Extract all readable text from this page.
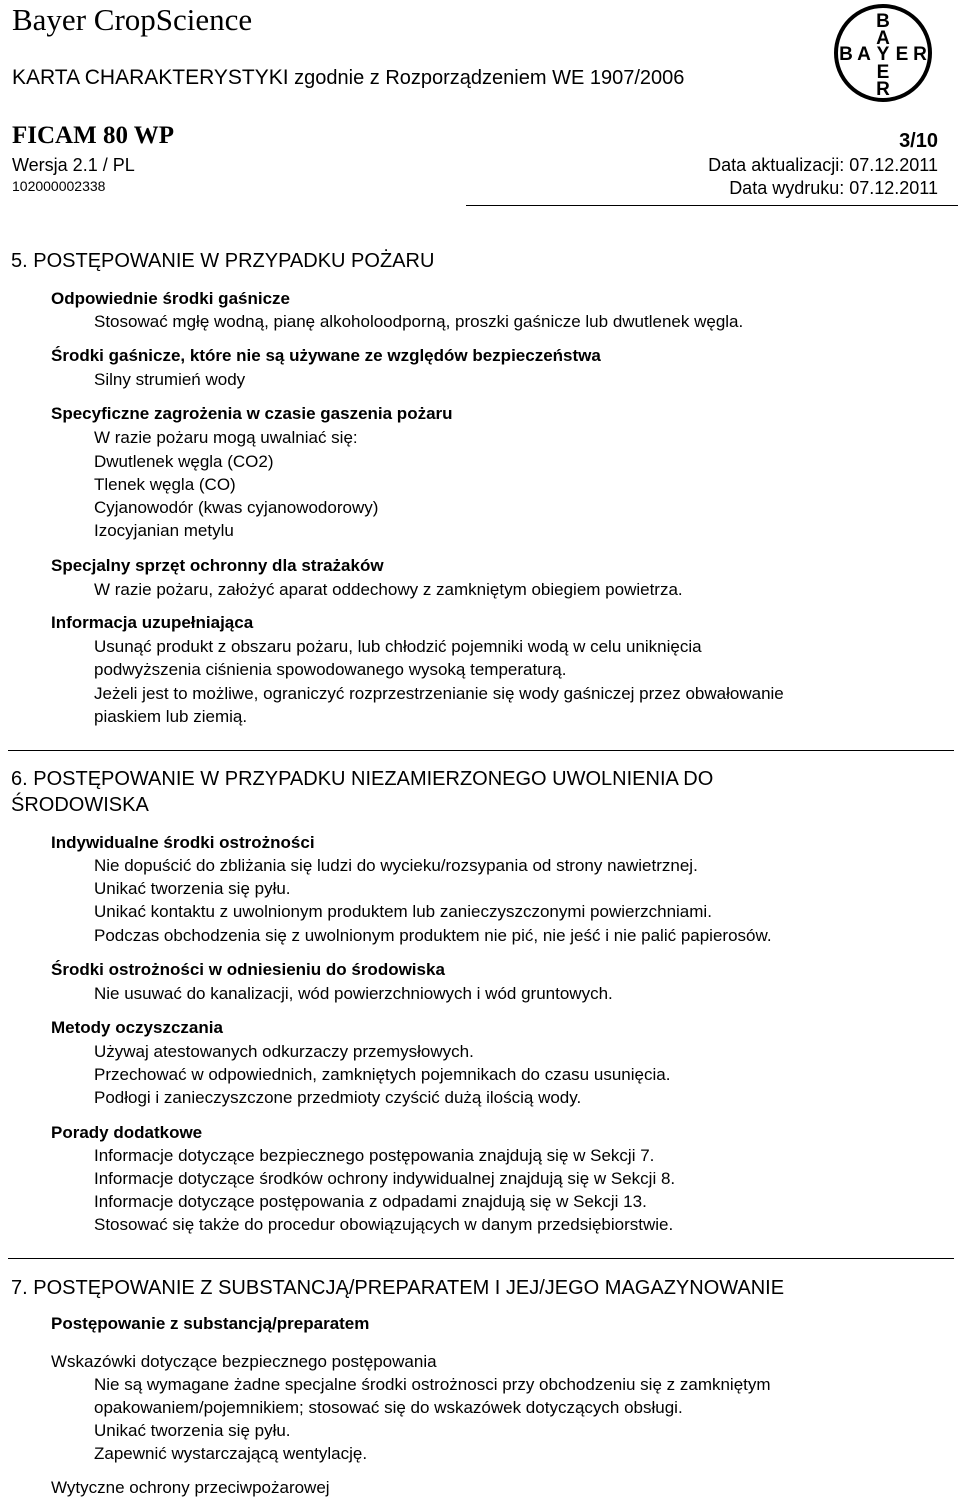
Bayer CropScience
KARTA CHARAKTERYSTYKI zgodnie z Rozporządzeniem WE 1907/2006
FICAM 80 WP	3/10
Wersja 2.1 / PL
102000002338
Data aktualizacji: 07.12.2011
Data wydruku: 07.12.2011
B
A
B A Y E R
E
R
5. POSTĘPOWANIE W PRZYPADKU POŻARU
Odpowiednie środki gaśnicze
Stosować mgłę wodną, pianę alkoholoodporną, proszki gaśnicze lub dwutlenek węgla.
Środki gaśnicze, które nie są używane ze względów bezpieczeństwa
Silny strumień wody
Specyficzne zagrożenia w czasie gaszenia pożaru
W razie pożaru mogą uwalniać się:
Dwutlenek węgla (CO2)
Tlenek węgla (CO)
Cyjanowodór (kwas cyjanowodorowy)
Izocyjanian metylu
Specjalny sprzęt ochronny dla strażaków
W razie pożaru, założyć aparat oddechowy z zamkniętym obiegiem powietrza.
Informacja uzupełniająca
Usunąć produkt z obszaru pożaru, lub chłodzić pojemniki wodą w celu uniknięcia
podwyższenia ciśnienia spowodowanego wysoką temperaturą.
Jeżeli jest to możliwe, ograniczyć rozprzestrzenianie się wody gaśniczej przez obwałowanie
piaskiem lub ziemią.
6. POSTĘPOWANIE W PRZYPADKU NIEZAMIERZONEGO UWOLNIENIA DO
ŚRODOWISKA
Indywidualne środki ostrożności
Nie dopuścić do zbliżania się ludzi do wycieku/rozsypania od strony nawietrznej.
Unikać tworzenia się pyłu.
Unikać kontaktu z uwolnionym produktem lub zanieczyszczonymi powierzchniami.
Podczas obchodzenia się z uwolnionym produktem nie pić, nie jeść i nie palić papierosów.
Środki ostrożności w odniesieniu do środowiska
Nie usuwać do kanalizacji, wód powierzchniowych i wód gruntowych.
Metody oczyszczania
Używaj atestowanych odkurzaczy przemysłowych.
Przechować w odpowiednich, zamkniętych pojemnikach do czasu usunięcia.
Podłogi i zanieczyszczone przedmioty czyścić dużą ilością wody.
Porady dodatkowe
Informacje dotyczące bezpiecznego postępowania znajdują się w Sekcji 7.
Informacje dotyczące środków ochrony indywidualnej znajdują się w Sekcji 8.
Informacje dotyczące postępowania z odpadami znajdują się w Sekcji 13.
Stosować się także do procedur obowiązujących w danym przedsiębiorstwie.
7. POSTĘPOWANIE Z SUBSTANCJĄ/PREPARATEM I JEJ/JEGO MAGAZYNOWANIE
Postępowanie z substancją/preparatem
Wskazówki dotyczące bezpiecznego postępowania
Nie są wymagane żadne specjalne środki ostrożnosci przy obchodzeniu się z zamkniętym
opakowaniem/pojemnikiem; stosować się do wskazówek dotyczących obsługi.
Unikać tworzenia się pyłu.
Zapewnić wystarczającą wentylację.
Wytyczne ochrony przeciwpożarowej
